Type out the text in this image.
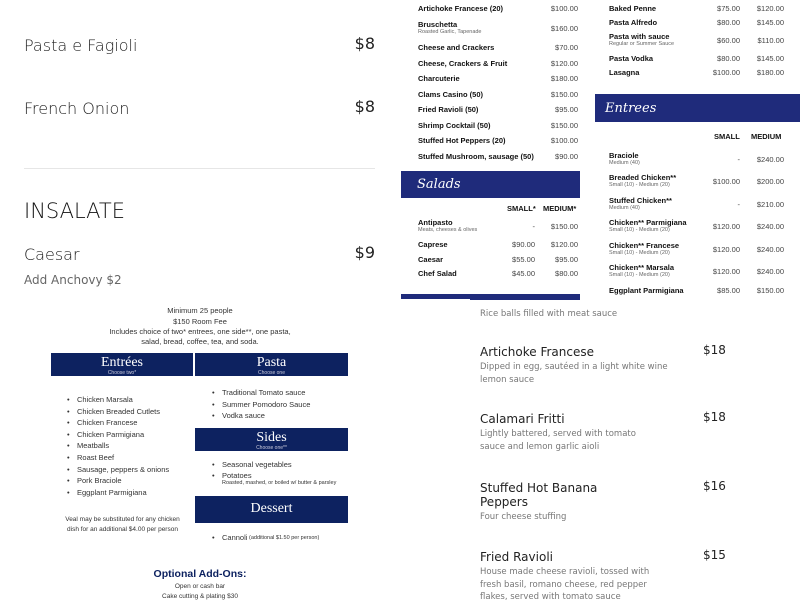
Pasta e Fagioli	$8
French Onion	$8
INSALATE
Caesar	$9
Add Anchovy $2
Artichoke Francese (20)	$100.00
Bruschetta
Roasted Garlic, Tapenade	$160.00
Cheese and Crackers	$70.00
Cheese, Crackers & Fruit	$120.00
Charcuterie	$180.00
Clams Casino (50)	$150.00
Fried Ravioli (50)	$95.00
Shrimp Cocktail (50)	$150.00
Stuffed Hot Peppers (20)	$100.00
Stuffed Mushroom, sausage (50)	$90.00
Salads
SMALL* MEDIUM*
Antipasto
Meats, cheeses & olives	-	$150.00
Caprese	$90.00	$120.00
Caesar	$55.00	$95.00
Chef Salad	$45.00	$80.00
Baked Penne	$75.00	$120.00
Pasta Alfredo	$80.00	$145.00
Pasta with sauce
Regular or Summer Sauce	$60.00	$110.00
Pasta Vodka	$80.00	$145.00
Lasagna	$100.00	$180.00
Entrees
SMALL MEDIUM
Braciole
Medium (40)	-	$240.00
Breaded Chicken**
Small (10) - Medium (20)	$100.00	$200.00
Stuffed Chicken**
Medium (40)	-	$210.00
Chicken** Parmigiana
Small (10) - Medium (20)	$120.00	$240.00
Chicken** Francese
Small (10) - Medium (20)	$120.00	$240.00
Chicken** Marsala
Small (10) - Medium (20)	$120.00	$240.00
Eggplant Parmigiana	$85.00	$150.00
Minimum 25 people
$150 Room Fee
Includes choice of two* entrees, one side**, one pasta,
salad, bread, coffee, tea, and soda.
Entrées
Choose two*
Pasta
Choose one
Sides
Choose one**
Dessert
• Chicken Marsala
• Chicken Breaded Cutlets
• Chicken Francese
• Chicken Parmigiana
• Meatballs
• Roast Beef
• Sausage, peppers & onions
• Pork Braciole
• Eggplant Parmigiana
• Traditional Tomato sauce
• Summer Pomodoro Sauce
• Vodka sauce
• Seasonal vegetables
• Potatoes
Roasted, mashed, or boiled w/ butter & parsley
• Cannoli (additional $1.50 per person)
Veal may be substituted for any chicken
dish for an additional $4.00 per person
Optional Add-Ons:
Open or cash bar
Cake cutting & plating $30
Rice balls filled with meat sauce
Artichoke Francese
Dipped in egg, sautéed in a light white wine
lemon sauce
$18
Calamari Fritti
Lightly battered, served with tomato
sauce and lemon garlic aioli
$18
Stuffed Hot Banana
Peppers
Four cheese stuffing
$16
Fried Ravioli
House made cheese ravioli, tossed with
fresh basil, romano cheese, red pepper
flakes, served with tomato sauce
$15
